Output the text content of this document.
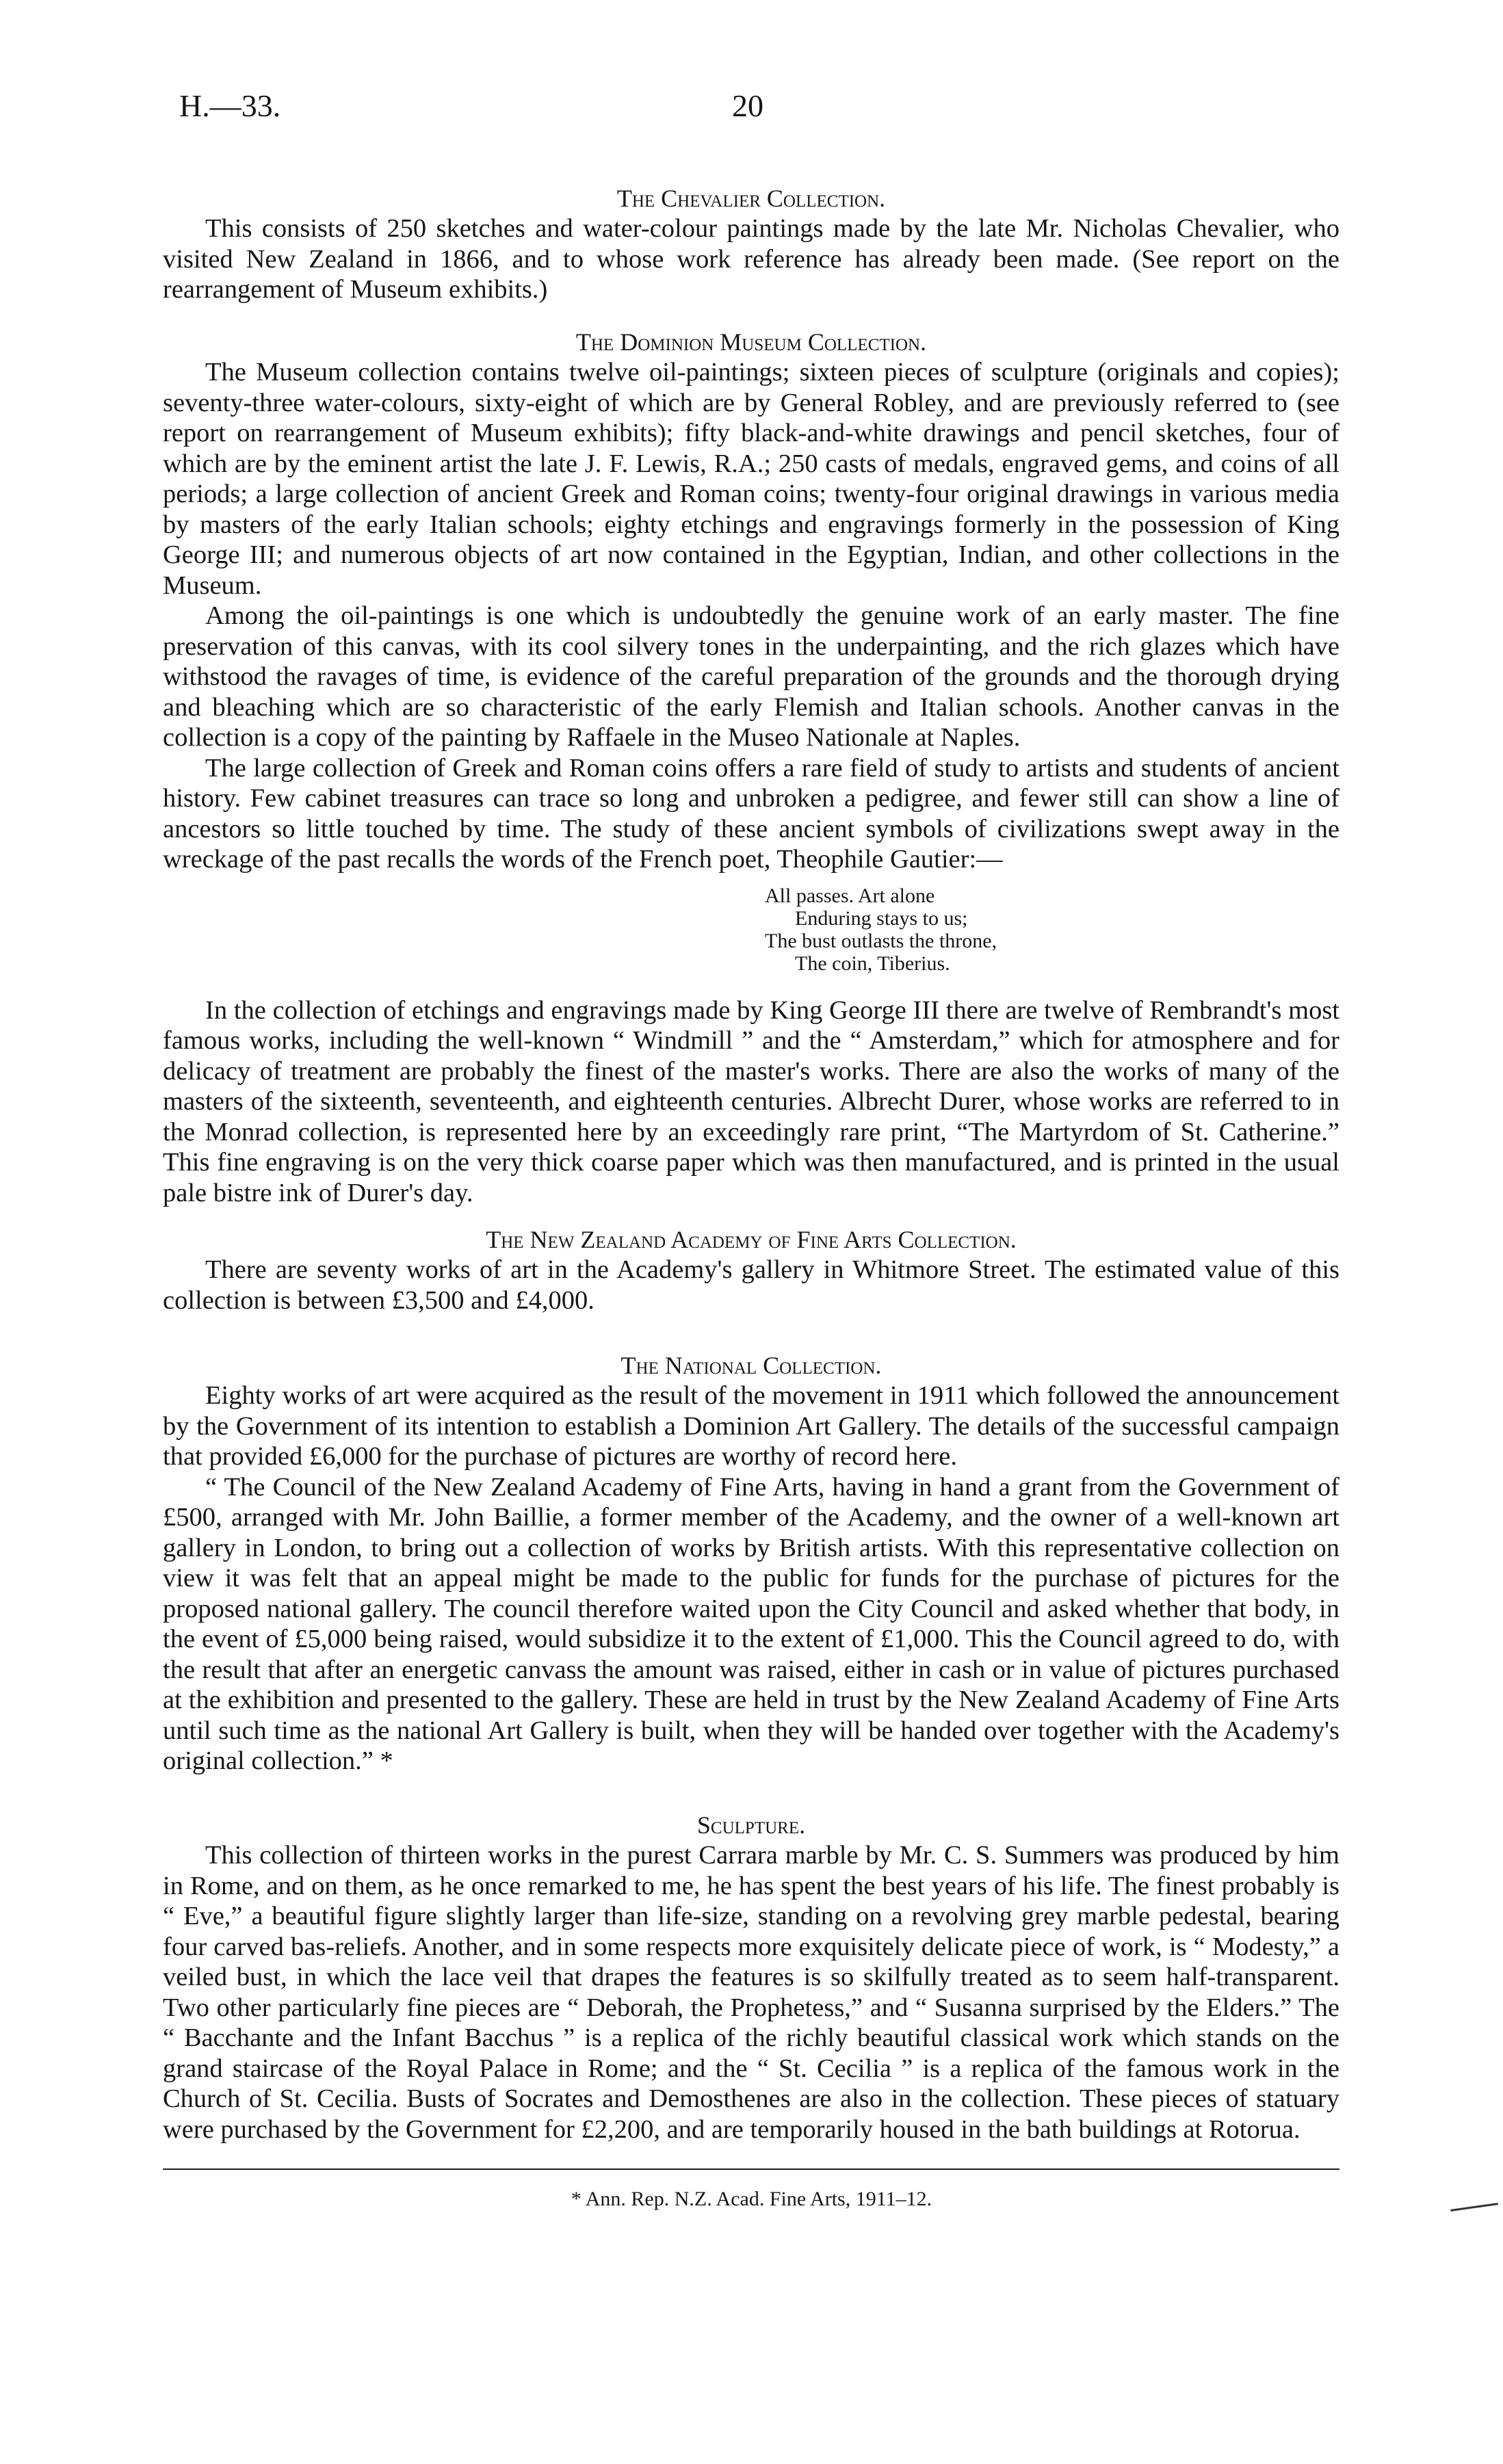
H.—33.	20

The Chevalier Collection.

This consists of 250 sketches and water-colour paintings made by the late Mr. Nicholas Chevalier, who visited New Zealand in 1866, and to whose work reference has already been made. (See report on the rearrangement of Museum exhibits.)

The Dominion Museum Collection.

The Museum collection contains twelve oil-paintings; sixteen pieces of sculpture (originals and copies); seventy-three water-colours, sixty-eight of which are by General Robley, and are previously referred to (see report on rearrangement of Museum exhibits); fifty black-and-white drawings and pencil sketches, four of which are by the eminent artist the late J. F. Lewis, R.A.; 250 casts of medals, engraved gems, and coins of all periods; a large collection of ancient Greek and Roman coins; twenty-four original drawings in various media by masters of the early Italian schools; eighty etchings and engravings formerly in the possession of King George III; and numerous objects of art now contained in the Egyptian, Indian, and other collections in the Museum.

Among the oil-paintings is one which is undoubtedly the genuine work of an early master. The fine preservation of this canvas, with its cool silvery tones in the underpainting, and the rich glazes which have withstood the ravages of time, is evidence of the careful preparation of the grounds and the thorough drying and bleaching which are so characteristic of the early Flemish and Italian schools. Another canvas in the collection is a copy of the painting by Raffaele in the Museo Nationale at Naples.

The large collection of Greek and Roman coins offers a rare field of study to artists and students of ancient history. Few cabinet treasures can trace so long and unbroken a pedigree, and fewer still can show a line of ancestors so little touched by time. The study of these ancient symbols of civilizations swept away in the wreckage of the past recalls the words of the French poet, Theophile Gautier:—

All passes. Art alone
Enduring stays to us;
The bust outlasts the throne,
The coin, Tiberius.

In the collection of etchings and engravings made by King George III there are twelve of Rembrandt's most famous works, including the well-known “ Windmill ” and the “ Amsterdam,” which for atmosphere and for delicacy of treatment are probably the finest of the master's works. There are also the works of many of the masters of the sixteenth, seventeenth, and eighteenth centuries. Albrecht Durer, whose works are referred to in the Monrad collection, is represented here by an exceedingly rare print, “The Martyrdom of St. Catherine.” This fine engraving is on the very thick coarse paper which was then manufactured, and is printed in the usual pale bistre ink of Durer's day.

The New Zealand Academy of Fine Arts Collection.

There are seventy works of art in the Academy's gallery in Whitmore Street. The estimated value of this collection is between £3,500 and £4,000.

The National Collection.

Eighty works of art were acquired as the result of the movement in 1911 which followed the announcement by the Government of its intention to establish a Dominion Art Gallery. The details of the successful campaign that provided £6,000 for the purchase of pictures are worthy of record here.

“ The Council of the New Zealand Academy of Fine Arts, having in hand a grant from the Government of £500, arranged with Mr. John Baillie, a former member of the Academy, and the owner of a well-known art gallery in London, to bring out a collection of works by British artists. With this representative collection on view it was felt that an appeal might be made to the public for funds for the purchase of pictures for the proposed national gallery. The council therefore waited upon the City Council and asked whether that body, in the event of £5,000 being raised, would subsidize it to the extent of £1,000. This the Council agreed to do, with the result that after an energetic canvass the amount was raised, either in cash or in value of pictures purchased at the exhibition and presented to the gallery. These are held in trust by the New Zealand Academy of Fine Arts until such time as the national Art Gallery is built, when they will be handed over together with the Academy's original collection.” *

Sculpture.

This collection of thirteen works in the purest Carrara marble by Mr. C. S. Summers was produced by him in Rome, and on them, as he once remarked to me, he has spent the best years of his life. The finest probably is “ Eve,” a beautiful figure slightly larger than life-size, standing on a revolving grey marble pedestal, bearing four carved bas-reliefs. Another, and in some respects more exquisitely delicate piece of work, is “ Modesty,” a veiled bust, in which the lace veil that drapes the features is so skilfully treated as to seem half-transparent. Two other particularly fine pieces are “ Deborah, the Prophetess,” and “ Susanna surprised by the Elders.” The “ Bacchante and the Infant Bacchus ” is a replica of the richly beautiful classical work which stands on the grand staircase of the Royal Palace in Rome; and the “ St. Cecilia ” is a replica of the famous work in the Church of St. Cecilia. Busts of Socrates and Demosthenes are also in the collection. These pieces of statuary were purchased by the Government for £2,200, and are temporarily housed in the bath buildings at Rotorua.

* Ann. Rep. N.Z. Acad. Fine Arts, 1911–12.
